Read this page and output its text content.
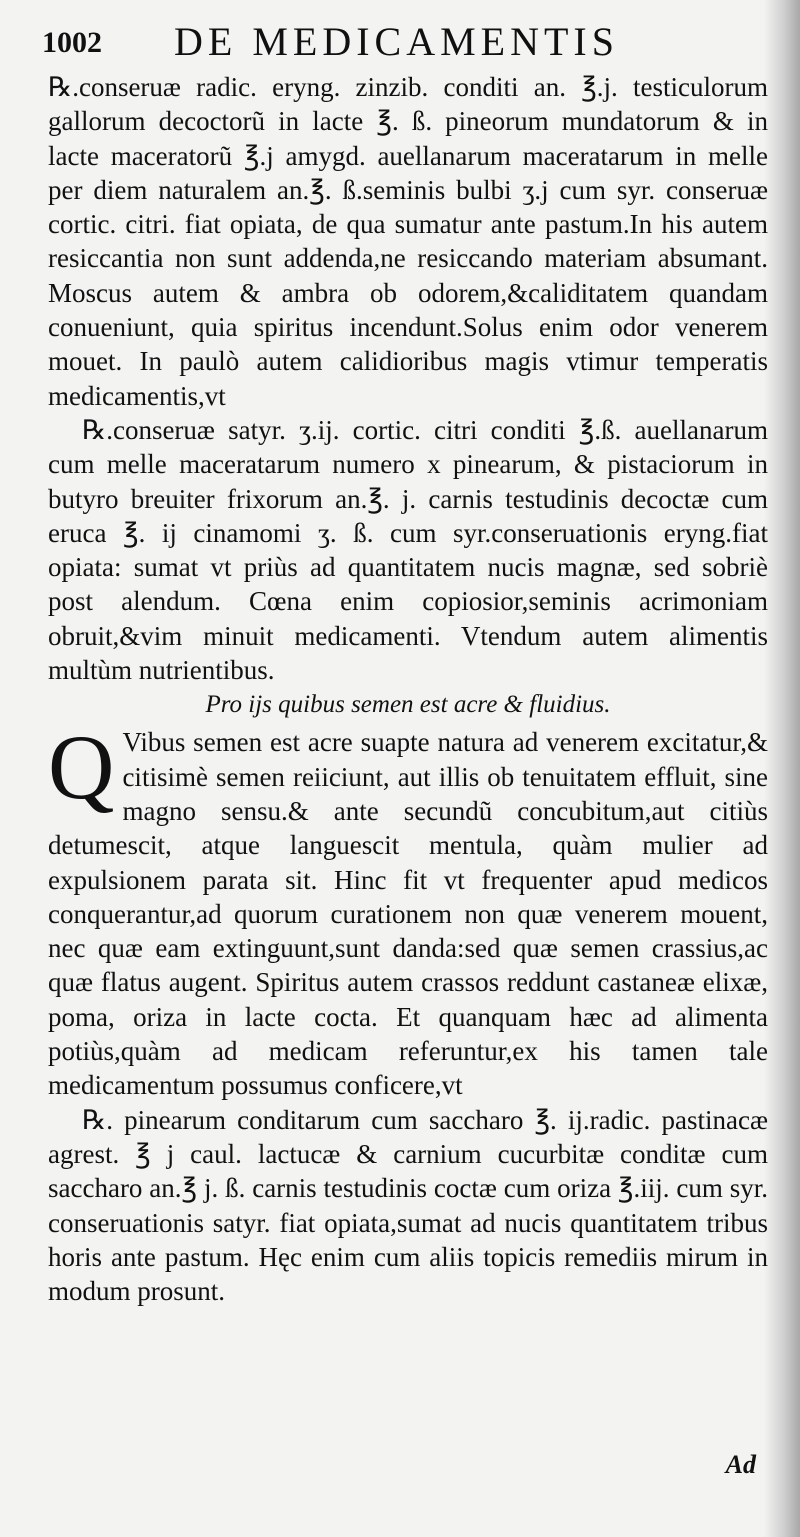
1002 DE MEDICAMENTIS

℞.conseruæ radic. eryng. zinzib. conditi an. ℥.j. testiculorum gallorum decoctorũ in lacte ℥. ß. pineorum mundatorum & in lacte maceratorũ ℥.j amygd. auellanarum maceratarum in melle per diem naturalem an.℥. ß.seminis bulbi ʒ.j cum syr. conseruæ cortic. citri. fiat opiata, de qua sumatur ante pastum.In his autem resiccantia non sunt addenda,ne resiccando materiam absumant. Moscus autem & ambra ob odorem,&caliditatem quandam conueniunt, quia spiritus incendunt.Solus enim odor venerem mouet. In paulò autem calidioribus magis vtimur temperatis medicamentis,vt

℞.conseruæ satyr. ʒ.ij. cortic. citri conditi ℥.ß. auellanarum cum melle maceratarum numero x pinearum, & pistaciorum in butyro breuiter frixorum an.℥. j. carnis testudinis decoctæ cum eruca ℥. ij cinamomi ʒ. ß. cum syr.conseruationis eryng.fiat opiata: sumat vt priùs ad quantitatem nucis magnæ, sed sobriè post alendum. Cœna enim copiosior,seminis acrimoniam obruit,&vim minuit medicamenti. Vtendum autem alimentis multùm nutrientibus.

Pro ijs quibus semen est acre & fluidius.

Q Vibus semen est acre suapte natura ad venerem excitatur,& citisimè semen reiiciunt, aut illis ob tenuitatem effluit, sine magno sensu.& ante secundũ concubitum,aut citiùs detumescit, atque languescit mentula, quàm mulier ad expulsionem parata sit. Hinc fit vt frequenter apud medicos conquerantur,ad quorum curationem non quæ venerem mouent, nec quæ eam extinguunt,sunt danda:sed quæ semen crassius,ac quæ flatus augent. Spiritus autem crassos reddunt castaneæ elixæ, poma, oriza in lacte cocta. Et quanquam hæc ad alimenta potiùs,quàm ad medicam referuntur,ex his tamen tale medicamentum possumus conficere,vt

℞. pinearum conditarum cum saccharo ℥. ij.radic. pastinacæ agrest. ℥ j caul. lactucæ & carnium cucurbitæ conditæ cum saccharo an.℥ j. ß. carnis testudinis coctæ cum oriza ℥.iij. cum syr. conseruationis satyr. fiat opiata,sumat ad nucis quantitatem tribus horis ante pastum. Hęc enim cum aliis topicis remediis mirum in modum prosunt.

Ad
